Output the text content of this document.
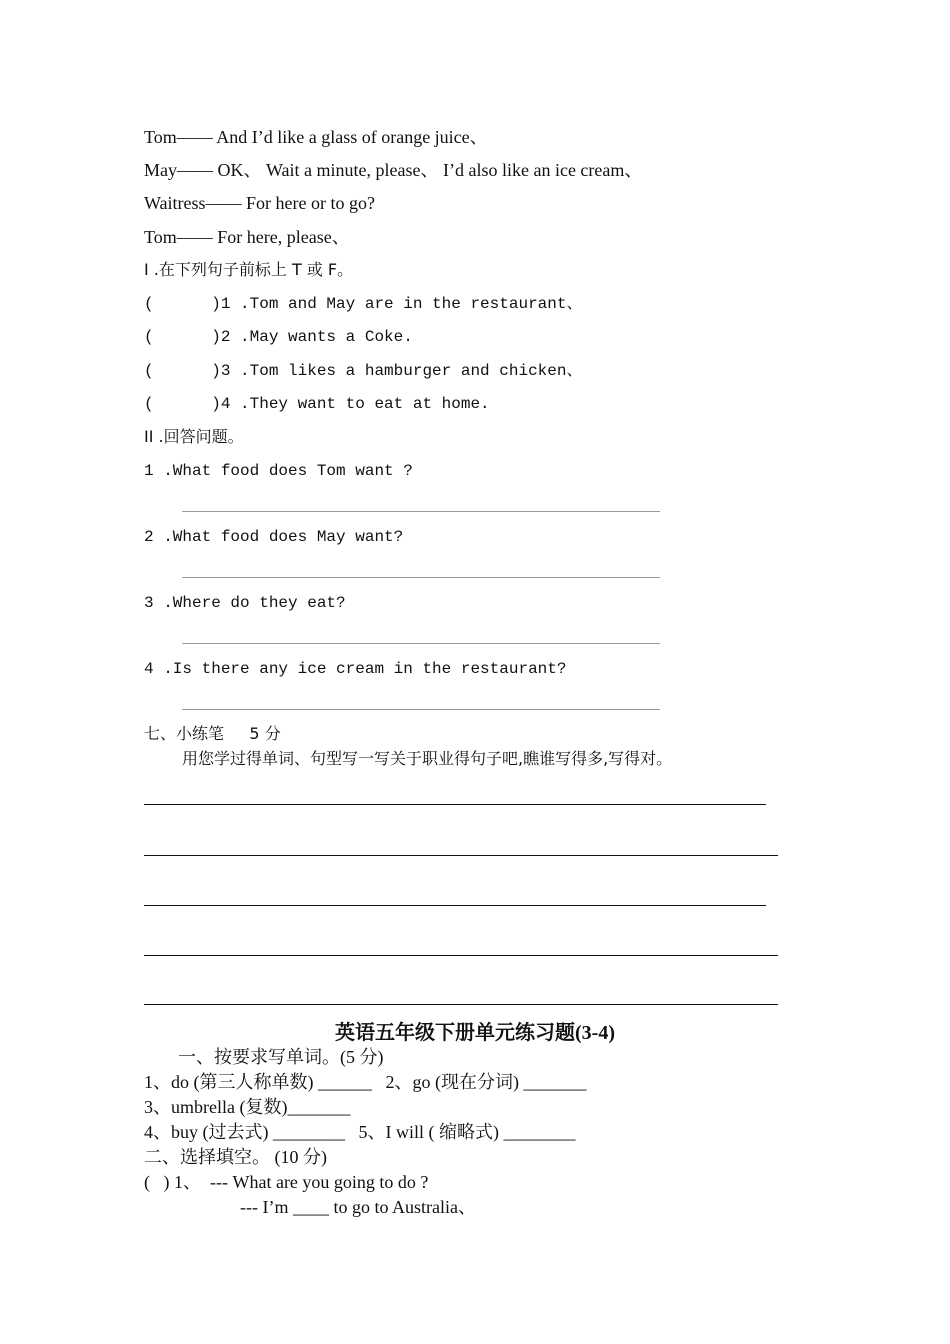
Tom—— And I’d like a glass of orange juice、
May—— OK、 Wait a minute, please、 I’d also like an ice cream、
Waitress—— For here or to go?
Tom—— For here, please、
Ⅰ .在下列句子前标上 T 或 F。
(      )1 .Tom and May are in the restaurant、
(      )2 .May wants a Coke.
(      )3 .Tom likes a hamburger and chicken、
(      )4 .They want to eat at home.
II .回答问题。
1 .What food does Tom want ?
2 .What food does May want?
3 .Where do they eat?
4 .Is there any ice cream in the restaurant?
七、小练笔     5 分
用您学过得单词、句型写一写关于职业得句子吧,瞧谁写得多,写得对。
英语五年级下册单元练习题(3-4)
一、按要求写单词。(5 分)
1、do (第三人称单数) ______   2、go (现在分词) _______
3、umbrella (复数)_______
4、buy (过去式) ________   5、I will ( 缩略式) ________
二、选择填空。 (10 分)
(   ) 1、  --- What are you going to do ?
--- I’m ____ to go to Australia、
